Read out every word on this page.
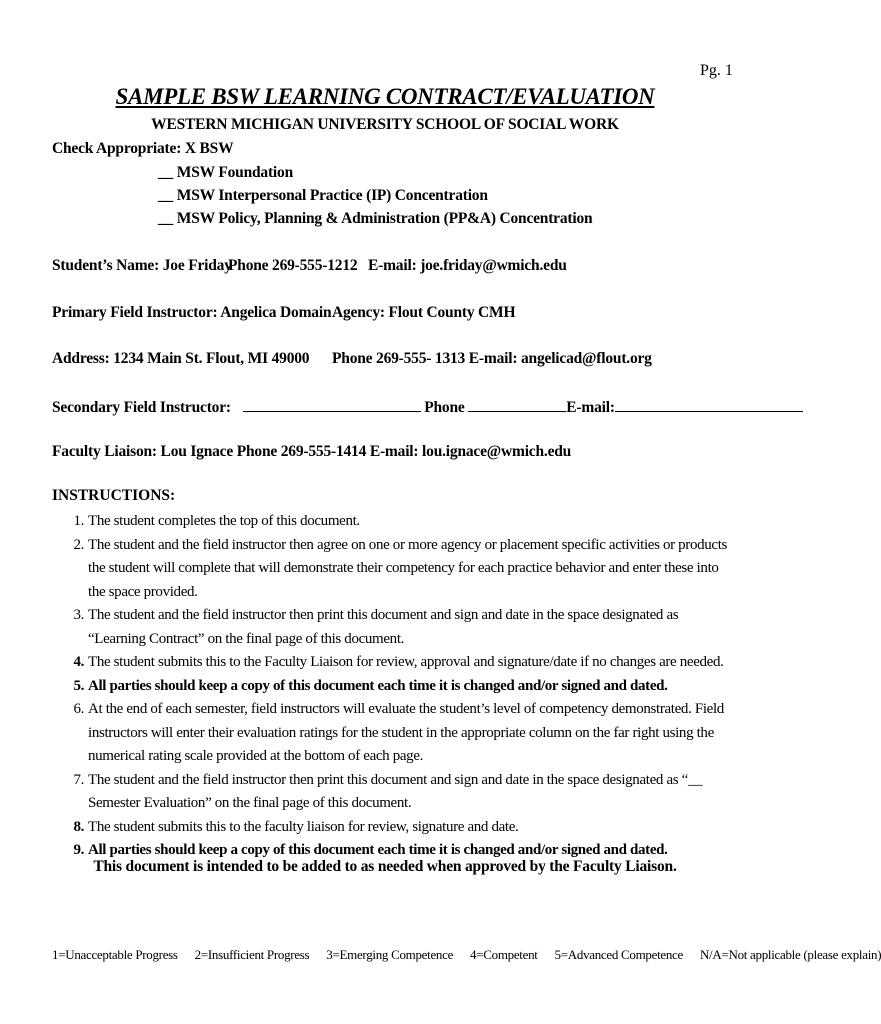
Pg. 1
SAMPLE BSW LEARNING CONTRACT/EVALUATION
WESTERN MICHIGAN UNIVERSITY SCHOOL OF SOCIAL WORK
Check Appropriate: X BSW
__ MSW Foundation
__ MSW Interpersonal Practice (IP) Concentration
__ MSW Policy, Planning & Administration (PP&A) Concentration
Student’s Name: Joe Friday
Phone 269-555-1212 E-mail: joe.friday@wmich.edu
Primary Field Instructor: Angelica Domain Agency: Flout County CMH
Address: 1234 Main St. Flout, MI 49000 Phone 269-555- 1313 E-mail: angelicad@flout.org
Secondary Field Instructor:	Phone	E-mail:
Faculty Liaison: Lou Ignace Phone 269-555-1414 E-mail: lou.ignace@wmich.edu
INSTRUCTIONS:
1. The student completes the top of this document.
2. The student and the field instructor then agree on one or more agency or placement specific activities or products the student will complete that will demonstrate their competency for each practice behavior and enter these into the space provided.
3. The student and the field instructor then print this document and sign and date in the space designated as “Learning Contract” on the final page of this document.
4. The student submits this to the Faculty Liaison for review, approval and signature/date if no changes are needed.
5. All parties should keep a copy of this document each time it is changed and/or signed and dated.
6. At the end of each semester, field instructors will evaluate the student’s level of competency demonstrated. Field instructors will enter their evaluation ratings for the student in the appropriate column on the far right using the numerical rating scale provided at the bottom of each page.
7. The student and the field instructor then print this document and sign and date in the space designated as “__ Semester Evaluation” on the final page of this document.
8. The student submits this to the faculty liaison for review, signature and date.
9. All parties should keep a copy of this document each time it is changed and/or signed and dated.
This document is intended to be added to as needed when approved by the Faculty Liaison.
1=Unacceptable Progress 2=Insufficient Progress 3=Emerging Competence 4=Competent 5=Advanced Competence N/A=Not applicable (please explain)
